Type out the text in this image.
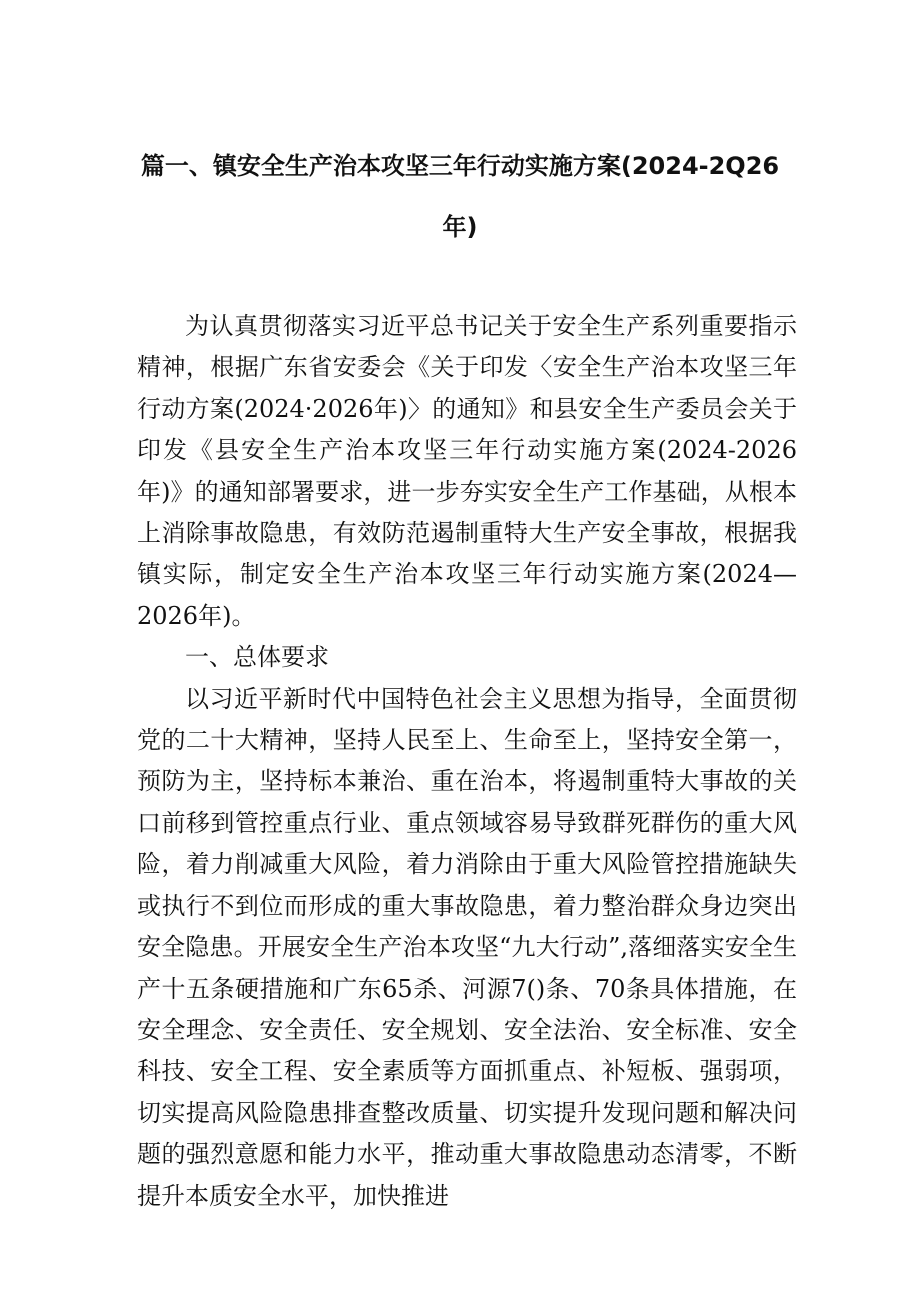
篇一、镇安全生产治本攻坚三年行动实施方案(2024-2Q26
年)

为认真贯彻落实习近平总书记关于安全生产系列重要指示精神，根据广东省安委会《关于印发〈安全生产治本攻坚三年行动方案(2024·2026年)〉的通知》和县安全生产委员会关于印发《县安全生产治本攻坚三年行动实施方案(2024-2026年)》的通知部署要求，进一步夯实安全生产工作基础，从根本上消除事故隐患，有效防范遏制重特大生产安全事故，根据我镇实际，制定安全生产治本攻坚三年行动实施方案(2024—2026年)。

一、总体要求

以习近平新时代中国特色社会主义思想为指导，全面贯彻党的二十大精神，坚持人民至上、生命至上，坚持安全第一，预防为主，坚持标本兼治、重在治本，将遏制重特大事故的关口前移到管控重点行业、重点领域容易导致群死群伤的重大风险，着力削减重大风险，着力消除由于重大风险管控措施缺失或执行不到位而形成的重大事故隐患，着力整治群众身边突出安全隐患。开展安全生产治本攻坚“九大行动”,落细落实安全生产十五条硬措施和广东65杀、河源7()条、70条具体措施，在安全理念、安全责任、安全规划、安全法治、安全标准、安全科技、安全工程、安全素质等方面抓重点、补短板、强弱项，切实提高风险隐患排查整改质量、切实提升发现问题和解决问题的强烈意愿和能力水平，推动重大事故隐患动态清零，不断提升本质安全水平，加快推进
